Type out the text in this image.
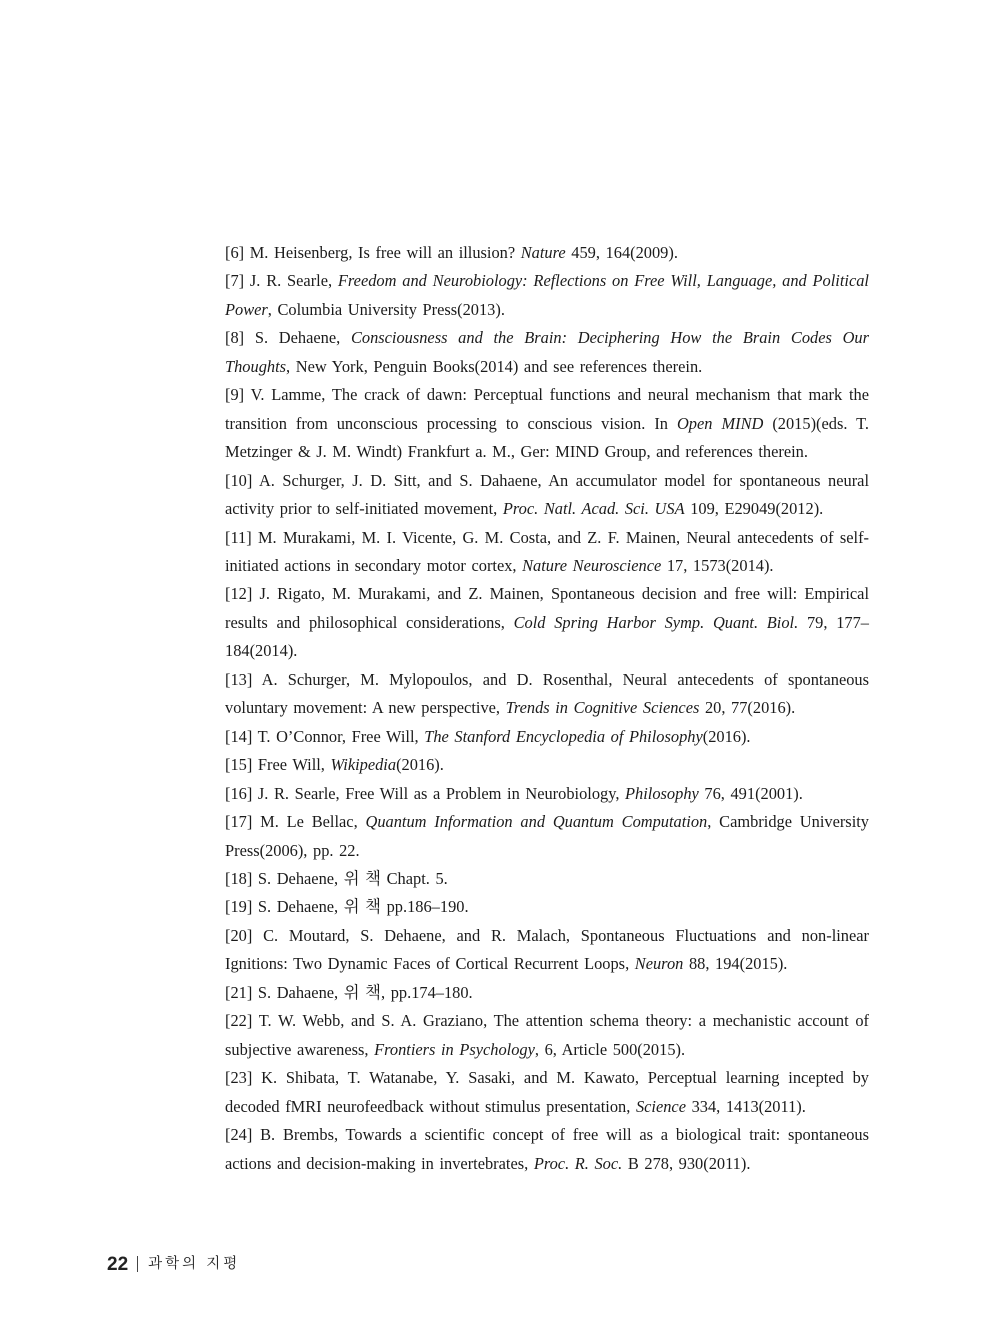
[6] M. Heisenberg, Is free will an illusion? Nature 459, 164(2009).

[7] J. R. Searle, Freedom and Neurobiology: Reflections on Free Will, Language, and Political Power, Columbia University Press(2013).

[8] S. Dehaene, Consciousness and the Brain: Deciphering How the Brain Codes Our Thoughts, New York, Penguin Books(2014) and see references therein.

[9] V. Lamme, The crack of dawn: Perceptual functions and neural mechanism that mark the transition from unconscious processing to conscious vision. In Open MIND (2015)(eds. T. Metzinger & J. M. Windt) Frankfurt a. M., Ger: MIND Group, and references therein.

[10] A. Schurger, J. D. Sitt, and S. Dahaene, An accumulator model for spontaneous neural activity prior to self-initiated movement, Proc. Natl. Acad. Sci. USA 109, E29049(2012).

[11] M. Murakami, M. I. Vicente, G. M. Costa, and Z. F. Mainen, Neural antecedents of self-initiated actions in secondary motor cortex, Nature Neuroscience 17, 1573(2014).

[12] J. Rigato, M. Murakami, and Z. Mainen, Spontaneous decision and free will: Empirical results and philosophical considerations, Cold Spring Harbor Symp. Quant. Biol. 79, 177–184(2014).

[13] A. Schurger, M. Mylopoulos, and D. Rosenthal, Neural antecedents of spontaneous voluntary movement: A new perspective, Trends in Cognitive Sciences 20, 77(2016).

[14] T. O’Connor, Free Will, The Stanford Encyclopedia of Philosophy(2016).

[15] Free Will, Wikipedia(2016).

[16] J. R. Searle, Free Will as a Problem in Neurobiology, Philosophy 76, 491(2001).

[17] M. Le Bellac, Quantum Information and Quantum Computation, Cambridge University Press(2006), pp. 22.

[18] S. Dehaene, 위 책 Chapt. 5.

[19] S. Dehaene, 위 책 pp.186–190.

[20] C. Moutard, S. Dehaene, and R. Malach, Spontaneous Fluctuations and non-linear Ignitions: Two Dynamic Faces of Cortical Recurrent Loops, Neuron 88, 194(2015).

[21] S. Dahaene, 위 책, pp.174–180.

[22] T. W. Webb, and S. A. Graziano, The attention schema theory: a mechanistic account of subjective awareness, Frontiers in Psychology, 6, Article 500(2015).

[23] K. Shibata, T. Watanabe, Y. Sasaki, and M. Kawato, Perceptual learning incepted by decoded fMRI neurofeedback without stimulus presentation, Science 334, 1413(2011).

[24] B. Brembs, Towards a scientific concept of free will as a biological trait: spontaneous actions and decision-making in invertebrates, Proc. R. Soc. B 278, 930(2011).

22 과학의 지평
